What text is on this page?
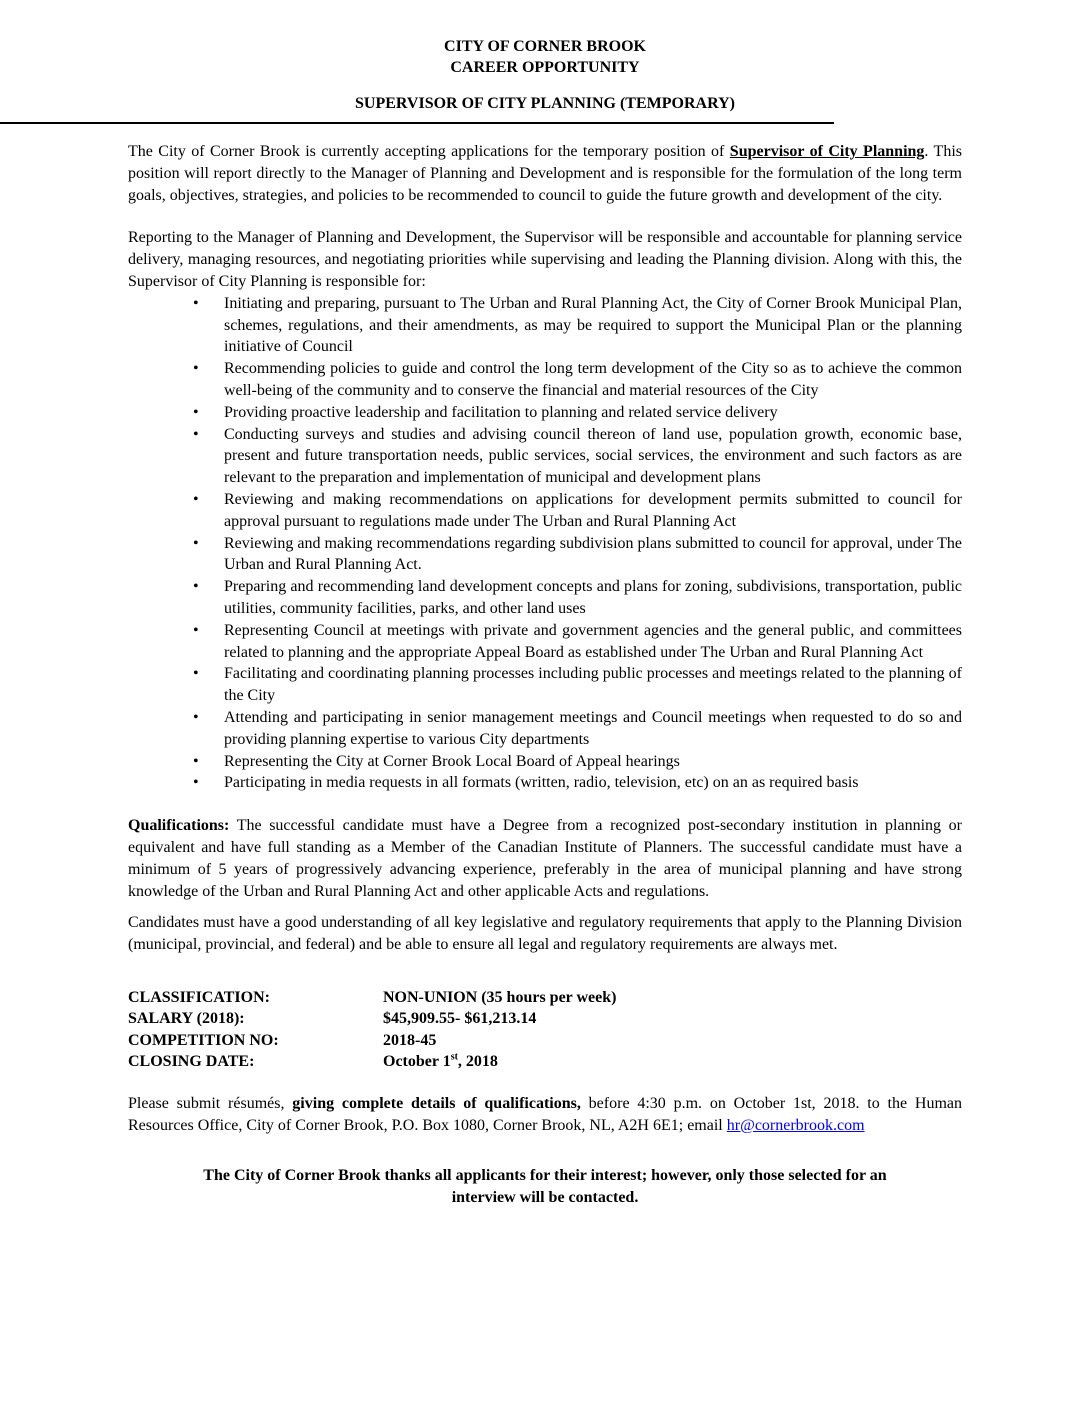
CITY OF CORNER BROOK
CAREER OPPORTUNITY
SUPERVISOR OF CITY PLANNING (TEMPORARY)

The City of Corner Brook is currently accepting applications for the temporary position of Supervisor of City Planning. This position will report directly to the Manager of Planning and Development and is responsible for the formulation of the long term goals, objectives, strategies, and policies to be recommended to council to guide the future growth and development of the city.

Reporting to the Manager of Planning and Development, the Supervisor will be responsible and accountable for planning service delivery, managing resources, and negotiating priorities while supervising and leading the Planning division. Along with this, the Supervisor of City Planning is responsible for:

• Initiating and preparing, pursuant to The Urban and Rural Planning Act, the City of Corner Brook Municipal Plan, schemes, regulations, and their amendments, as may be required to support the Municipal Plan or the planning initiative of Council
• Recommending policies to guide and control the long term development of the City so as to achieve the common well-being of the community and to conserve the financial and material resources of the City
• Providing proactive leadership and facilitation to planning and related service delivery
• Conducting surveys and studies and advising council thereon of land use, population growth, economic base, present and future transportation needs, public services, social services, the environment and such factors as are relevant to the preparation and implementation of municipal and development plans
• Reviewing and making recommendations on applications for development permits submitted to council for approval pursuant to regulations made under The Urban and Rural Planning Act
• Reviewing and making recommendations regarding subdivision plans submitted to council for approval, under The Urban and Rural Planning Act.
• Preparing and recommending land development concepts and plans for zoning, subdivisions, transportation, public utilities, community facilities, parks, and other land uses
• Representing Council at meetings with private and government agencies and the general public, and committees related to planning and the appropriate Appeal Board as established under The Urban and Rural Planning Act
• Facilitating and coordinating planning processes including public processes and meetings related to the planning of the City
• Attending and participating in senior management meetings and Council meetings when requested to do so and providing planning expertise to various City departments
• Representing the City at Corner Brook Local Board of Appeal hearings
• Participating in media requests in all formats (written, radio, television, etc) on an as required basis

Qualifications: The successful candidate must have a Degree from a recognized post-secondary institution in planning or equivalent and have full standing as a Member of the Canadian Institute of Planners. The successful candidate must have a minimum of 5 years of progressively advancing experience, preferably in the area of municipal planning and have strong knowledge of the Urban and Rural Planning Act and other applicable Acts and regulations.

Candidates must have a good understanding of all key legislative and regulatory requirements that apply to the Planning Division (municipal, provincial, and federal) and be able to ensure all legal and regulatory requirements are always met.

CLASSIFICATION:	NON-UNION (35 hours per week)
SALARY (2018):	$45,909.55- $61,213.14
COMPETITION NO:	2018-45
CLOSING DATE:	October 1st, 2018

Please submit résumés, giving complete details of qualifications, before 4:30 p.m. on October 1st, 2018. to the Human Resources Office, City of Corner Brook, P.O. Box 1080, Corner Brook, NL, A2H 6E1; email hr@cornerbrook.com

The City of Corner Brook thanks all applicants for their interest; however, only those selected for an
interview will be contacted.
